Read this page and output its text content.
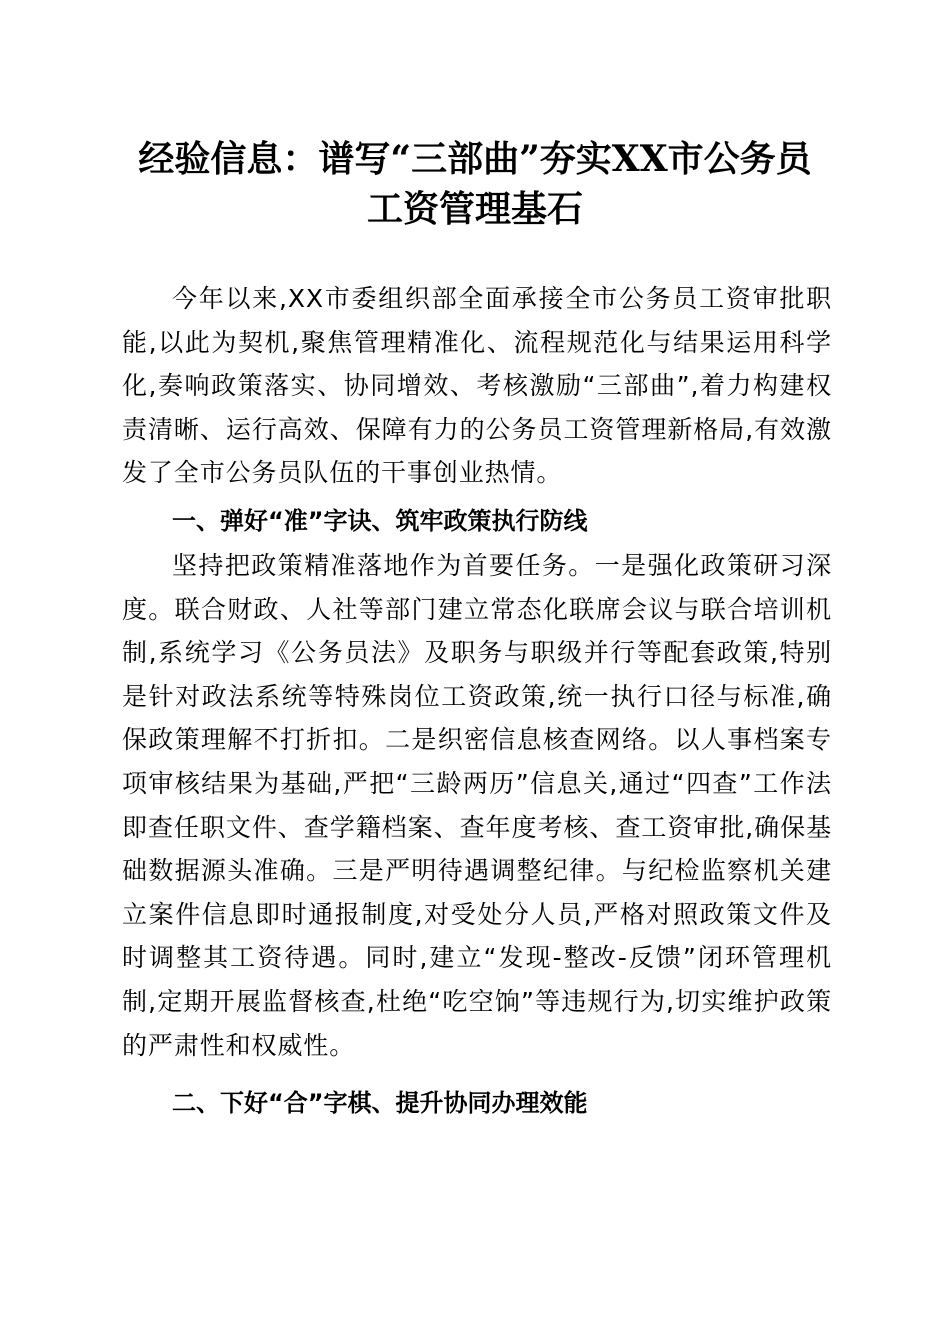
经验信息：谱写“三部曲”夯实XX市公务员
工资管理基石

今年以来,XX市委组织部全面承接全市公务员工资审批职能,以此为契机,聚焦管理精准化、流程规范化与结果运用科学化,奏响政策落实、协同增效、考核激励“三部曲”,着力构建权责清晰、运行高效、保障有力的公务员工资管理新格局,有效激发了全市公务员队伍的干事创业热情。

一、弹好“准”字诀、筑牢政策执行防线

坚持把政策精准落地作为首要任务。一是强化政策研习深度。联合财政、人社等部门建立常态化联席会议与联合培训机制,系统学习《公务员法》及职务与职级并行等配套政策,特别是针对政法系统等特殊岗位工资政策,统一执行口径与标准,确保政策理解不打折扣。二是织密信息核查网络。以人事档案专项审核结果为基础,严把“三龄两历”信息关,通过“四查”工作法即查任职文件、查学籍档案、查年度考核、查工资审批,确保基础数据源头准确。三是严明待遇调整纪律。与纪检监察机关建立案件信息即时通报制度,对受处分人员,严格对照政策文件及时调整其工资待遇。同时,建立“发现-整改-反馈”闭环管理机制,定期开展监督核查,杜绝“吃空饷”等违规行为,切实维护政策的严肃性和权威性。

二、下好“合”字棋、提升协同办理效能
